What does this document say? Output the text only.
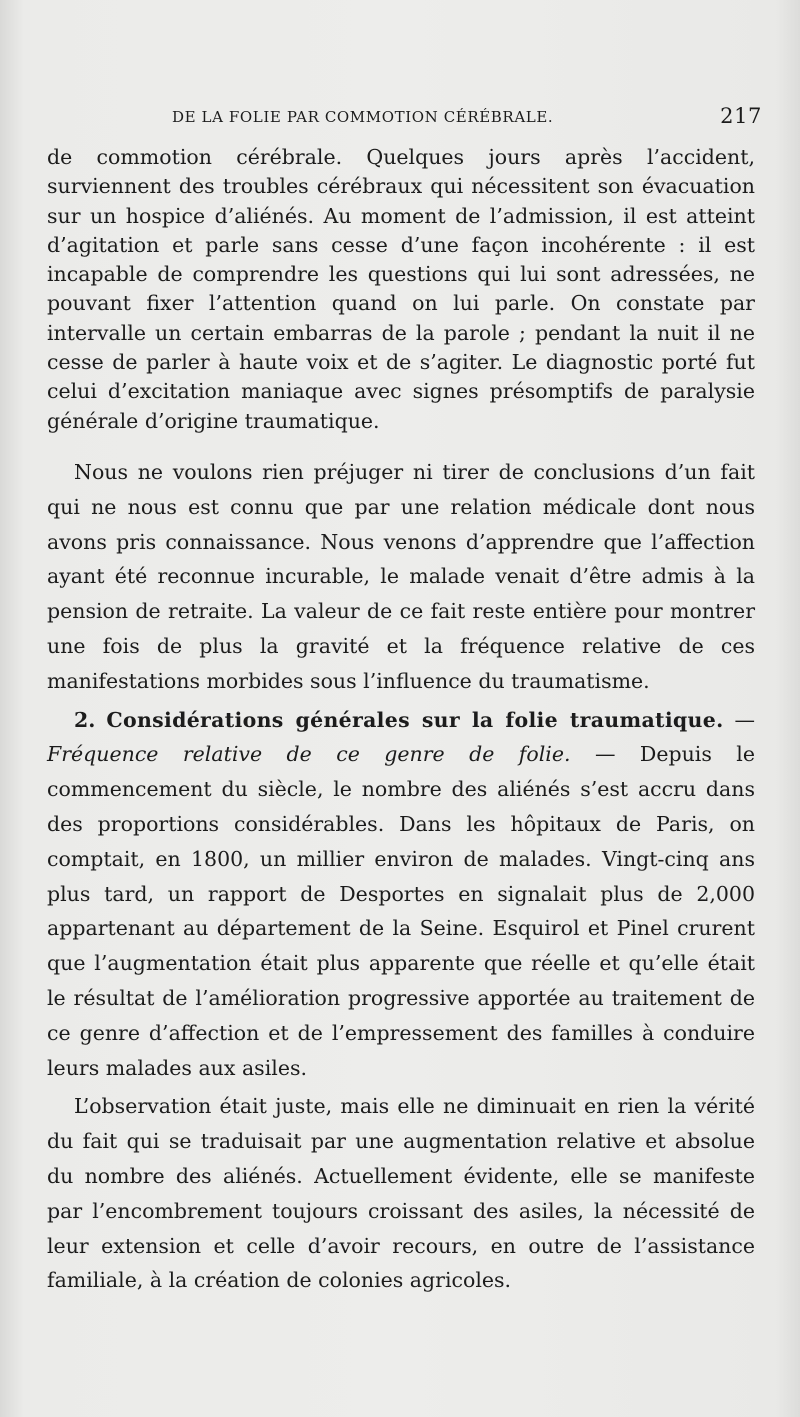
DE LA FOLIE PAR COMMOTION CÉRÉBRALE.	217

de commotion cérébrale. Quelques jours après l’accident, surviennent des troubles cérébraux qui nécessitent son évacuation sur un hospice d’aliénés. Au moment de l’admission, il est atteint d’agitation et parle sans cesse d’une façon incohérente : il est incapable de comprendre les questions qui lui sont adressées, ne pouvant fixer l’attention quand on lui parle. On constate par intervalle un certain embarras de la parole ; pendant la nuit il ne cesse de parler à haute voix et de s’agiter. Le diagnostic porté fut celui d’excitation maniaque avec signes présomptifs de paralysie générale d’origine traumatique.

Nous ne voulons rien préjuger ni tirer de conclusions d’un fait qui ne nous est connu que par une relation médicale dont nous avons pris connaissance. Nous venons d’apprendre que l’affection ayant été reconnue incurable, le malade venait d’être admis à la pension de retraite. La valeur de ce fait reste entière pour montrer une fois de plus la gravité et la fréquence relative de ces manifestations morbides sous l’influence du traumatisme.

2. Considérations générales sur la folie traumatique. — Fréquence relative de ce genre de folie. — Depuis le commencement du siècle, le nombre des aliénés s’est accru dans des proportions considérables. Dans les hôpitaux de Paris, on comptait, en 1800, un millier environ de malades. Vingt-cinq ans plus tard, un rapport de Desportes en signalait plus de 2,000 appartenant au département de la Seine. Esquirol et Pinel crurent que l’augmentation était plus apparente que réelle et qu’elle était le résultat de l’amélioration progressive apportée au traitement de ce genre d’affection et de l’empressement des familles à conduire leurs malades aux asiles.

L’observation était juste, mais elle ne diminuait en rien la vérité du fait qui se traduisait par une augmentation relative et absolue du nombre des aliénés. Actuellement évidente, elle se manifeste par l’encombrement toujours croissant des asiles, la nécessité de leur extension et celle d’avoir recours, en outre de l’assistance familiale, à la création de colonies agricoles.
